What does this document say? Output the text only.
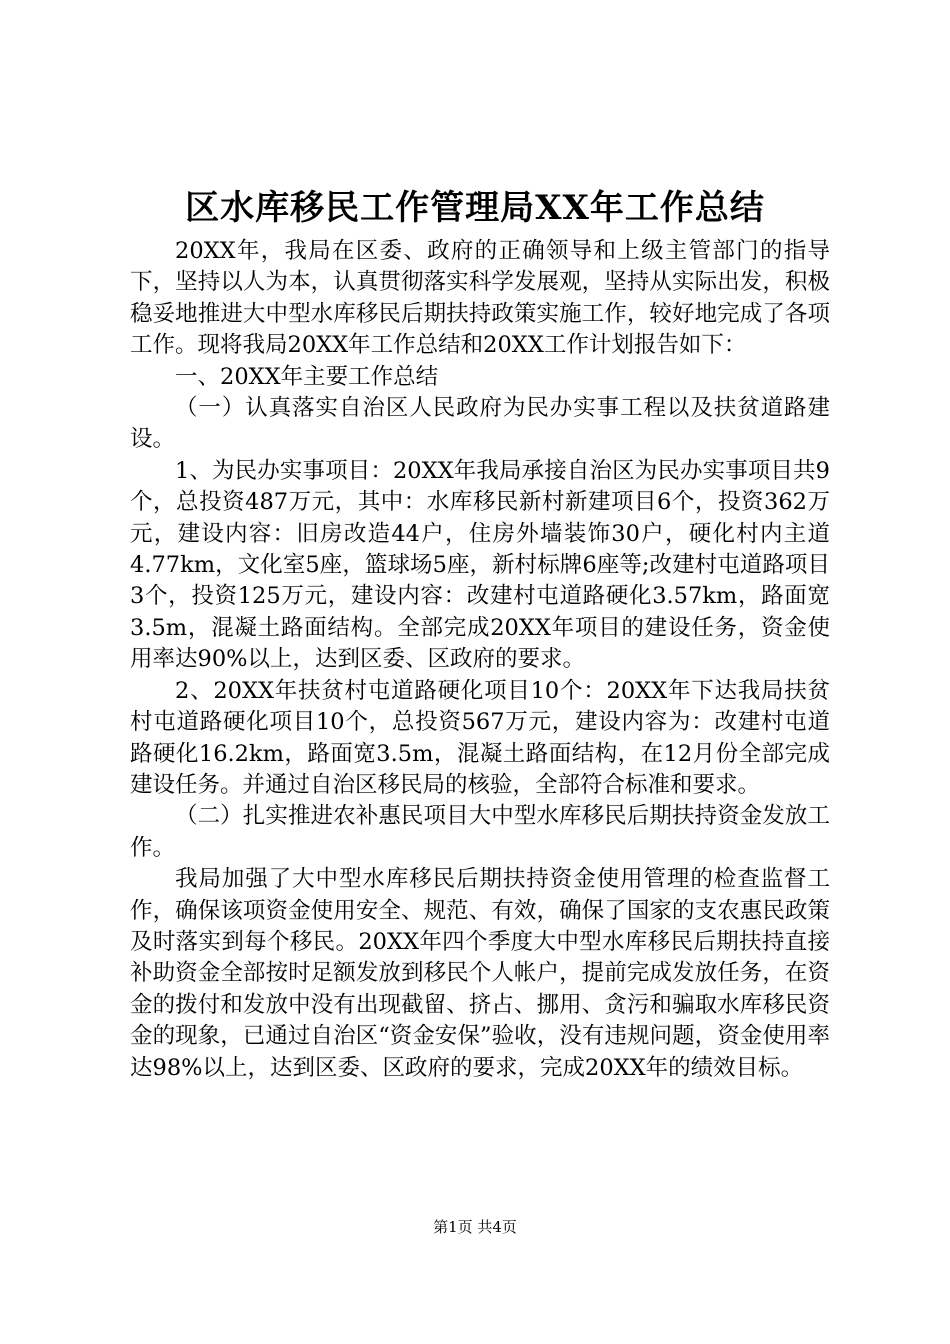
区水库移民工作管理局XX年工作总结

20XX年，我局在区委、政府的正确领导和上级主管部门的指导下，坚持以人为本，认真贯彻落实科学发展观，坚持从实际出发，积极稳妥地推进大中型水库移民后期扶持政策实施工作，较好地完成了各项工作。现将我局20XX年工作总结和20XX工作计划报告如下：

一、20XX年主要工作总结

（一）认真落实自治区人民政府为民办实事工程以及扶贫道路建设。

1、为民办实事项目：20XX年我局承接自治区为民办实事项目共9个，总投资487万元，其中：水库移民新村新建项目6个，投资362万元，建设内容：旧房改造44户，住房外墙装饰30户，硬化村内主道4.77km，文化室5座，篮球场5座，新村标牌6座等;改建村屯道路项目3个，投资125万元，建设内容：改建村屯道路硬化3.57km，路面宽3.5m，混凝土路面结构。全部完成20XX年项目的建设任务，资金使用率达90%以上，达到区委、区政府的要求。

2、20XX年扶贫村屯道路硬化项目10个：20XX年下达我局扶贫村屯道路硬化项目10个，总投资567万元，建设内容为：改建村屯道路硬化16.2km，路面宽3.5m，混凝土路面结构，在12月份全部完成建设任务。并通过自治区移民局的核验，全部符合标准和要求。

（二）扎实推进农补惠民项目大中型水库移民后期扶持资金发放工作。

我局加强了大中型水库移民后期扶持资金使用管理的检查监督工作，确保该项资金使用安全、规范、有效，确保了国家的支农惠民政策及时落实到每个移民。20XX年四个季度大中型水库移民后期扶持直接补助资金全部按时足额发放到移民个人帐户，提前完成发放任务，在资金的拨付和发放中没有出现截留、挤占、挪用、贪污和骗取水库移民资金的现象，已通过自治区“资金安保”验收，没有违规问题，资金使用率达98%以上，达到区委、区政府的要求，完成20XX年的绩效目标。

第1页 共4页
